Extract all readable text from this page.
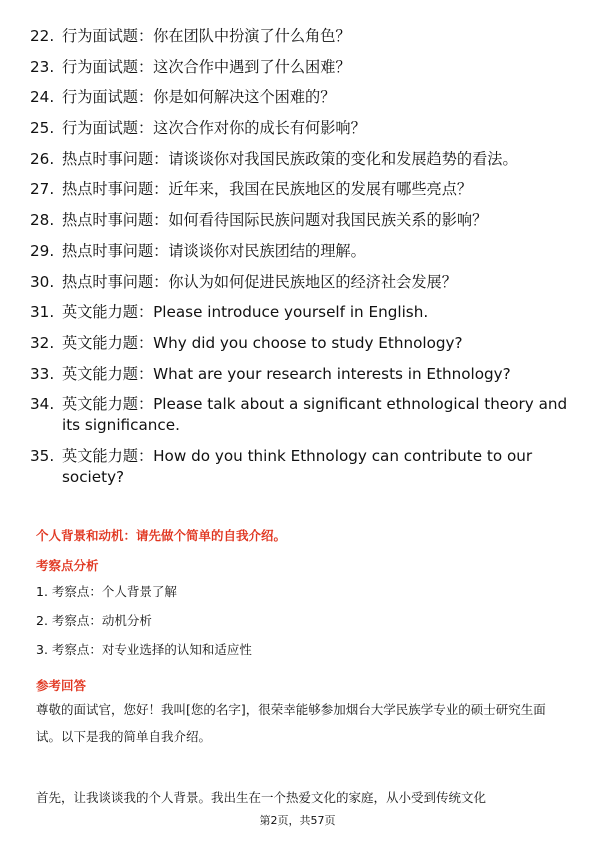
22. 行为面试题：你在团队中扮演了什么角色？
23. 行为面试题：这次合作中遇到了什么困难？
24. 行为面试题：你是如何解决这个困难的？
25. 行为面试题：这次合作对你的成长有何影响？
26. 热点时事问题：请谈谈你对我国民族政策的变化和发展趋势的看法。
27. 热点时事问题：近年来，我国在民族地区的发展有哪些亮点？
28. 热点时事问题：如何看待国际民族问题对我国民族关系的影响？
29. 热点时事问题：请谈谈你对民族团结的理解。
30. 热点时事问题：你认为如何促进民族地区的经济社会发展？
31. 英文能力题：Please introduce yourself in English.
32. 英文能力题：Why did you choose to study Ethnology?
33. 英文能力题：What are your research interests in Ethnology?
34. 英文能力题：Please talk about a significant ethnological theory and its significance.
35. 英文能力题：How do you think Ethnology can contribute to our society?
个人背景和动机：请先做个简单的自我介绍。
考察点分析
1. 考察点：个人背景了解
2. 考察点：动机分析
3. 考察点：对专业选择的认知和适应性
参考回答
尊敬的面试官，您好！我叫[您的名字]，很荣幸能够参加烟台大学民族学专业的硕士研究生面试。以下是我的简单自我介绍。
首先，让我谈谈我的个人背景。我出生在一个热爱文化的家庭，从小受到传统文化
第2页，共57页
